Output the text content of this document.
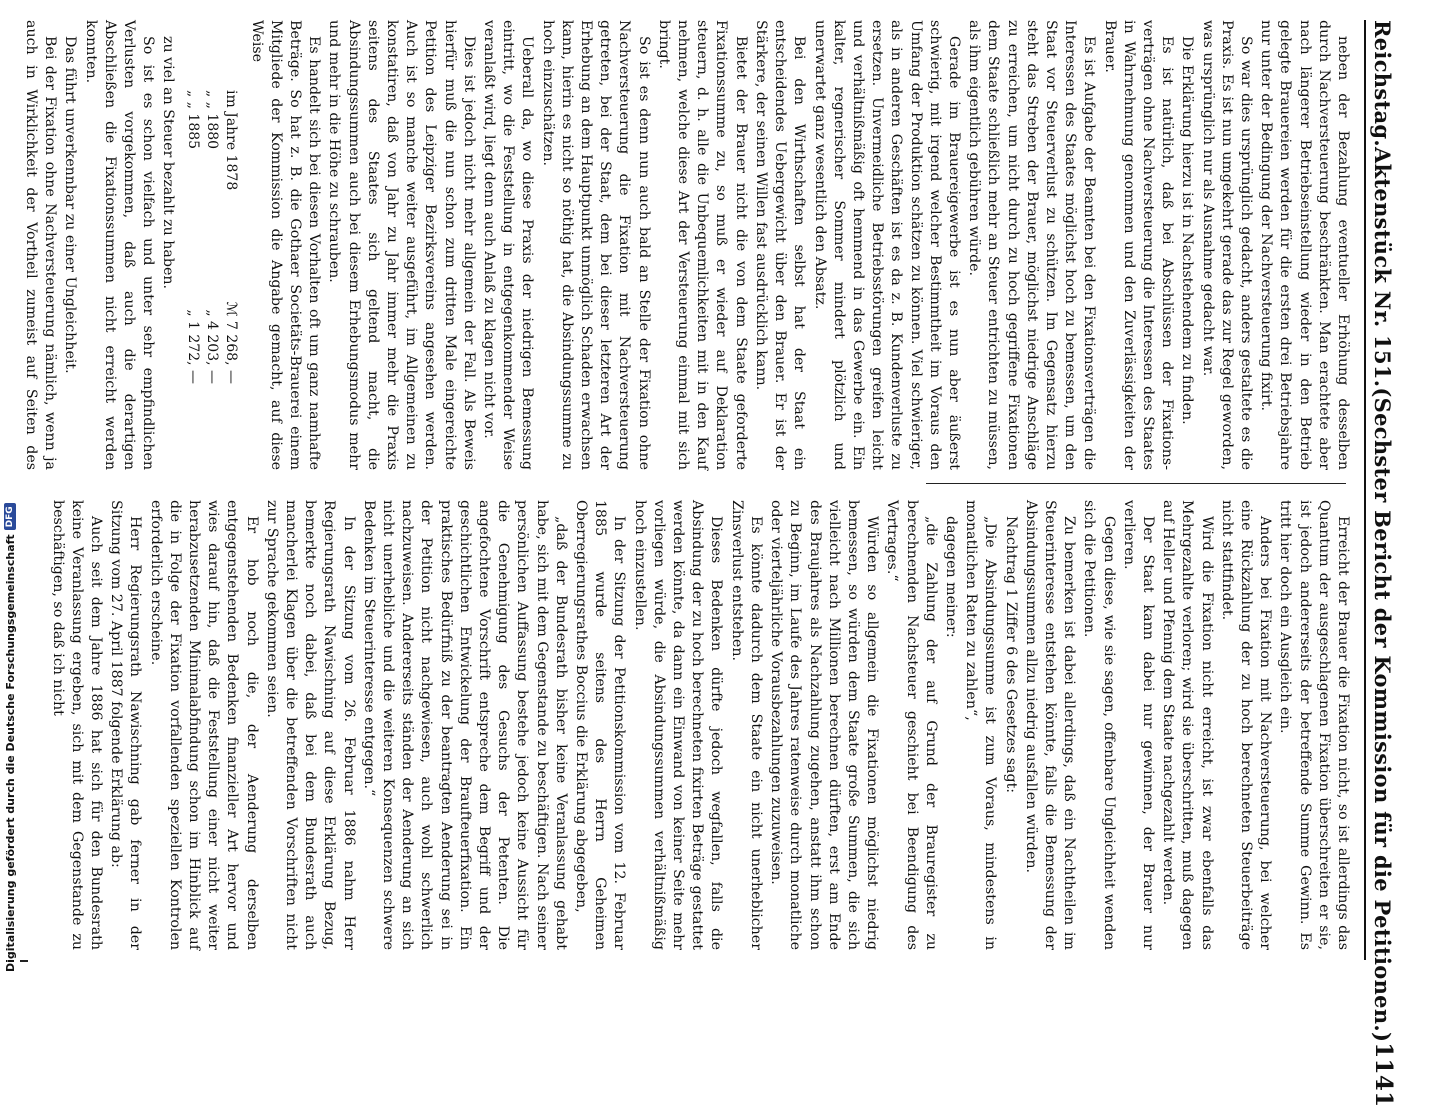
Reichstag.
Aktenstück Nr. 151.
(Sechster Bericht der Kommission für die Petitionen.)
1141

neben der Bezahlung eventueller Erhöhung desselben durch Nachversteuerung beschränkten. Man erachtete aber nach längerer Betriebseinstellung wieder in den Betrieb gelegte Brauereien werden für die ersten drei Betriebsjahre nur unter der Bedingung der Nachversteuerung fixirt.

So war dies ursprünglich gedacht, anders gestaltete es die Praxis. Es ist nun umgekehrt gerade das zur Regel geworden, was ursprünglich nur als Ausnahme gedacht war.

Die Erklärung hierzu ist in Nachstehendem zu finden.

Es ist natürlich, daß bei Abschlüssen der Fixations-verträgen ohne Nachversteuerung die Interessen des Staates in Wahrnehmung genommen und den Zuverlässigkeiten der Brauer.

Es ist Aufgabe der Beamten bei den Fixationsverträgen die Interessen des Staates möglichst hoch zu bemessen, um den Staat vor Steuerverlust zu schützen. Im Gegensatz hierzu steht das Streben der Brauer, möglichst niedrige Anschläge zu erreichen, um nicht durch zu hoch gegriffene Fixationen dem Staate schließlich mehr an Steuer entrichten zu müssen, als ihm eigentlich gebühren würde.

Gerade im Brauereigewerbe ist es nun aber äußerst schwierig, mit irgend welcher Bestimmtheit im Voraus den Umfang der Produktion schätzen zu können. Viel schwieriger, als in anderen Geschäften ist es da z. B. Kundenverluste zu ersetzen. Unvermeidliche Betriebsstörungen greifen leicht und verhältnißmäßig oft hemmend in das Gewerbe ein. Ein kalter, regnerischer Sommer mindert plötzlich und unerwartet ganz wesentlich den Absatz.

Bei den Wirthschaften selbst hat der Staat ein entscheidendes Uebergewicht über den Brauer. Er ist der Stärkere, der seinen Willen fast ausdrücklich kann.

Bietet der Brauer nicht die von dem Staate geforderte Fixationssumme zu, so muß er wieder auf Deklaration steuern, d. h. alle die Unbequemlichkeiten mit in den Kauf nehmen, welche diese Art der Versteuerung einmal mit sich bringt.

So ist es denn nun auch bald an Stelle der Fixation ohne Nachversteuerung die Fixation mit Nachversteuerung getreten, bei der Staat, dem bei dieser letzteren Art der Erhebung an dem Hauptpunkt unmöglich Schaden erwachsen kann, hierin es nicht so nöthig hat, die Absindungssumme zu hoch einzuschätzen.

Ueberall da, wo diese Praxis der niedrigen Bemessung eintritt, wo die Feststellung in entgegenkommender Weise veranlaßt wird, liegt denn auch Anlaß zu klagen nicht vor.

Dies ist jedoch nicht mehr allgemein der Fall. Als Beweis hierfür muß die nun schon zum dritten Male eingereichte Petition des Leipziger Bezirksvereins angesehen werden. Auch ist so manche weiter ausgeführt, im Allgemeinen zu konstatiren, daß von Jahr zu Jahr immer mehr die Praxis seitens des Staates sich geltend macht, die Absindungssummen auch bei diesem Erhebungsmodus mehr und mehr in die Höhe zu schrauben.

Es handelt sich bei diesen Vorhalten oft um ganz namhafte Beträge. So hat z. B. die Gothaer Societäts-Brauerei einem Mitgliede der Kommission die Angabe gemacht, auf diese Weise

im Jahre 1878
ℳ 7 268, —
„ „ 1880
„ 4 203, —
„ „ 1885
„ 1 272, —

zu viel an Steuer bezahlt zu haben.

So ist es schon vielfach und unter sehr empfindlichen Verlusten vorgekommen, daß auch die derartigen Abschließen die Fixationssummen nicht erreicht werden konnten.

Das führt unverkennbar zu einer Ungleichheit.

Bei der Fixation ohne Nachversteuerung nämlich, wenn ja auch in Wirklichkeit der Vortheil zumeist auf Seiten des

Erreicht der Brauer die Fixation nicht, so ist allerdings das Quantum der ausgeschlagenen Fixation überschreiten er sie, ist jedoch andererseits der betreffende Summe Gewinn. Es tritt hier doch ein Ausgleich ein.

Anders bei Fixation mit Nachversteuerung, bei welcher eine Rückzahlung der zu hoch berechneten Steuerbeiträge nicht stattfindet.

Wird die Fixation nicht erreicht, ist zwar ebenfalls das Mehrgezahlte verloren; wird sie überschritten, muß dagegen auf Heller und Pfennig dem Staate nachgezahlt werden.

Der Staat kann dabei nur gewinnen, der Brauer nur verlieren.

Gegen diese, wie sie sagen, offenbare Ungleichheit wenden sich die Petitionen.

Zu bemerken ist dabei allerdings, daß ein Nachtheilen im Steuerinteresse entstehen könnte, falls die Bemessung der Absindungssummen allzu niedrig ausfallen würden.

Nachtrag 1 Ziffer 6 des Gesetzes sagt:

„Die Absindungssumme ist zum Voraus, mindestens in monatlichen Raten zu zahlen“,

dagegen meiner:

„die Zahlung der auf Grund der Brauregister zu berechnenden Nachsteuer geschieht bei Beendigung des Vertrages.“

Würden so allgemein die Fixationen möglichst niedrig bemessen, so würden dem Staate große Summen, die sich vielleicht nach Millionen berechnen dürften, erst am Ende des Braujahres als Nachzahlung zugehen, anstatt ihm schon zu Beginn, im Laufe des Jahres ratenweise durch monatliche oder vierteljährliche Vorausbezahlungen zuzuweisen.

Es könnte dadurch dem Staate ein nicht unerheblicher Zinsverlust entstehen.

Dieses Bedenken dürfte jedoch wegfallen, falls die Absindung der zu hoch berechneten fixirten Beträge gestattet werden könnte, da dann ein Einwand von keiner Seite mehr vorliegen würde, die Absindungssummen verhältnißmäßig hoch einzustellen.

In der Sitzung der Petitionskommission vom 12. Februar 1885 wurde seitens des Herrn Geheimen Oberregierungsrathes Boccius die Erklärung abgegeben,

„daß der Bundesrath bisher keine Veranlassung gehabt habe, sich mit dem Gegenstande zu beschäftigen. Nach seiner persönlichen Auffassung bestehe jedoch keine Aussicht für die Genehmigung des Gesuchs der Petenten. Die angefochtene Vorschrift entspreche dem Begriff und der geschichtlichen Entwickelung der Braufteuerfixation. Ein praktisches Bedürfniß zu der beantragten Aenderung sei in der Petition nicht nachgewiesen, auch wohl schwerlich nachzuweisen. Andererseits ständen der Aenderung an sich nicht unerhebliche und die weiteren Konsequenzen schwere Bedenken im Steuerinteresse entgegen.“

In der Sitzung vom 26. Februar 1886 nahm Herr Regierungsrath Nawischning auf diese Erklärung Bezug, bemerkte noch dabei, daß bei dem Bundesrath auch mancherlei Klagen über die betreffenden Vorschriften nicht zur Sprache gekommen seien.

Er hob noch die, der Aenderung derselben entgegenstehenden Bedenken finanzieller Art hervor und wies darauf hin, daß die Feststellung einer nicht weiter herabzusetzenden Minimalabfindung schon im Hinblick auf die in Folge der Fixation vorfallenden speziellen Kontrolen erforderlich erscheine.

Herr Regierungsrath Nawischning gab ferner in der Sitzung vom 27. April 1887 folgende Erklärung ab:

Auch seit dem Jahre 1886 hat sich für den Bundesrath keine Veranlassung ergeben, sich mit dem Gegenstande zu beschäftigen, so daß ich nicht

Digitalisierung gefördert durch die Deutsche Forschungsgemeinschaft
DFG
